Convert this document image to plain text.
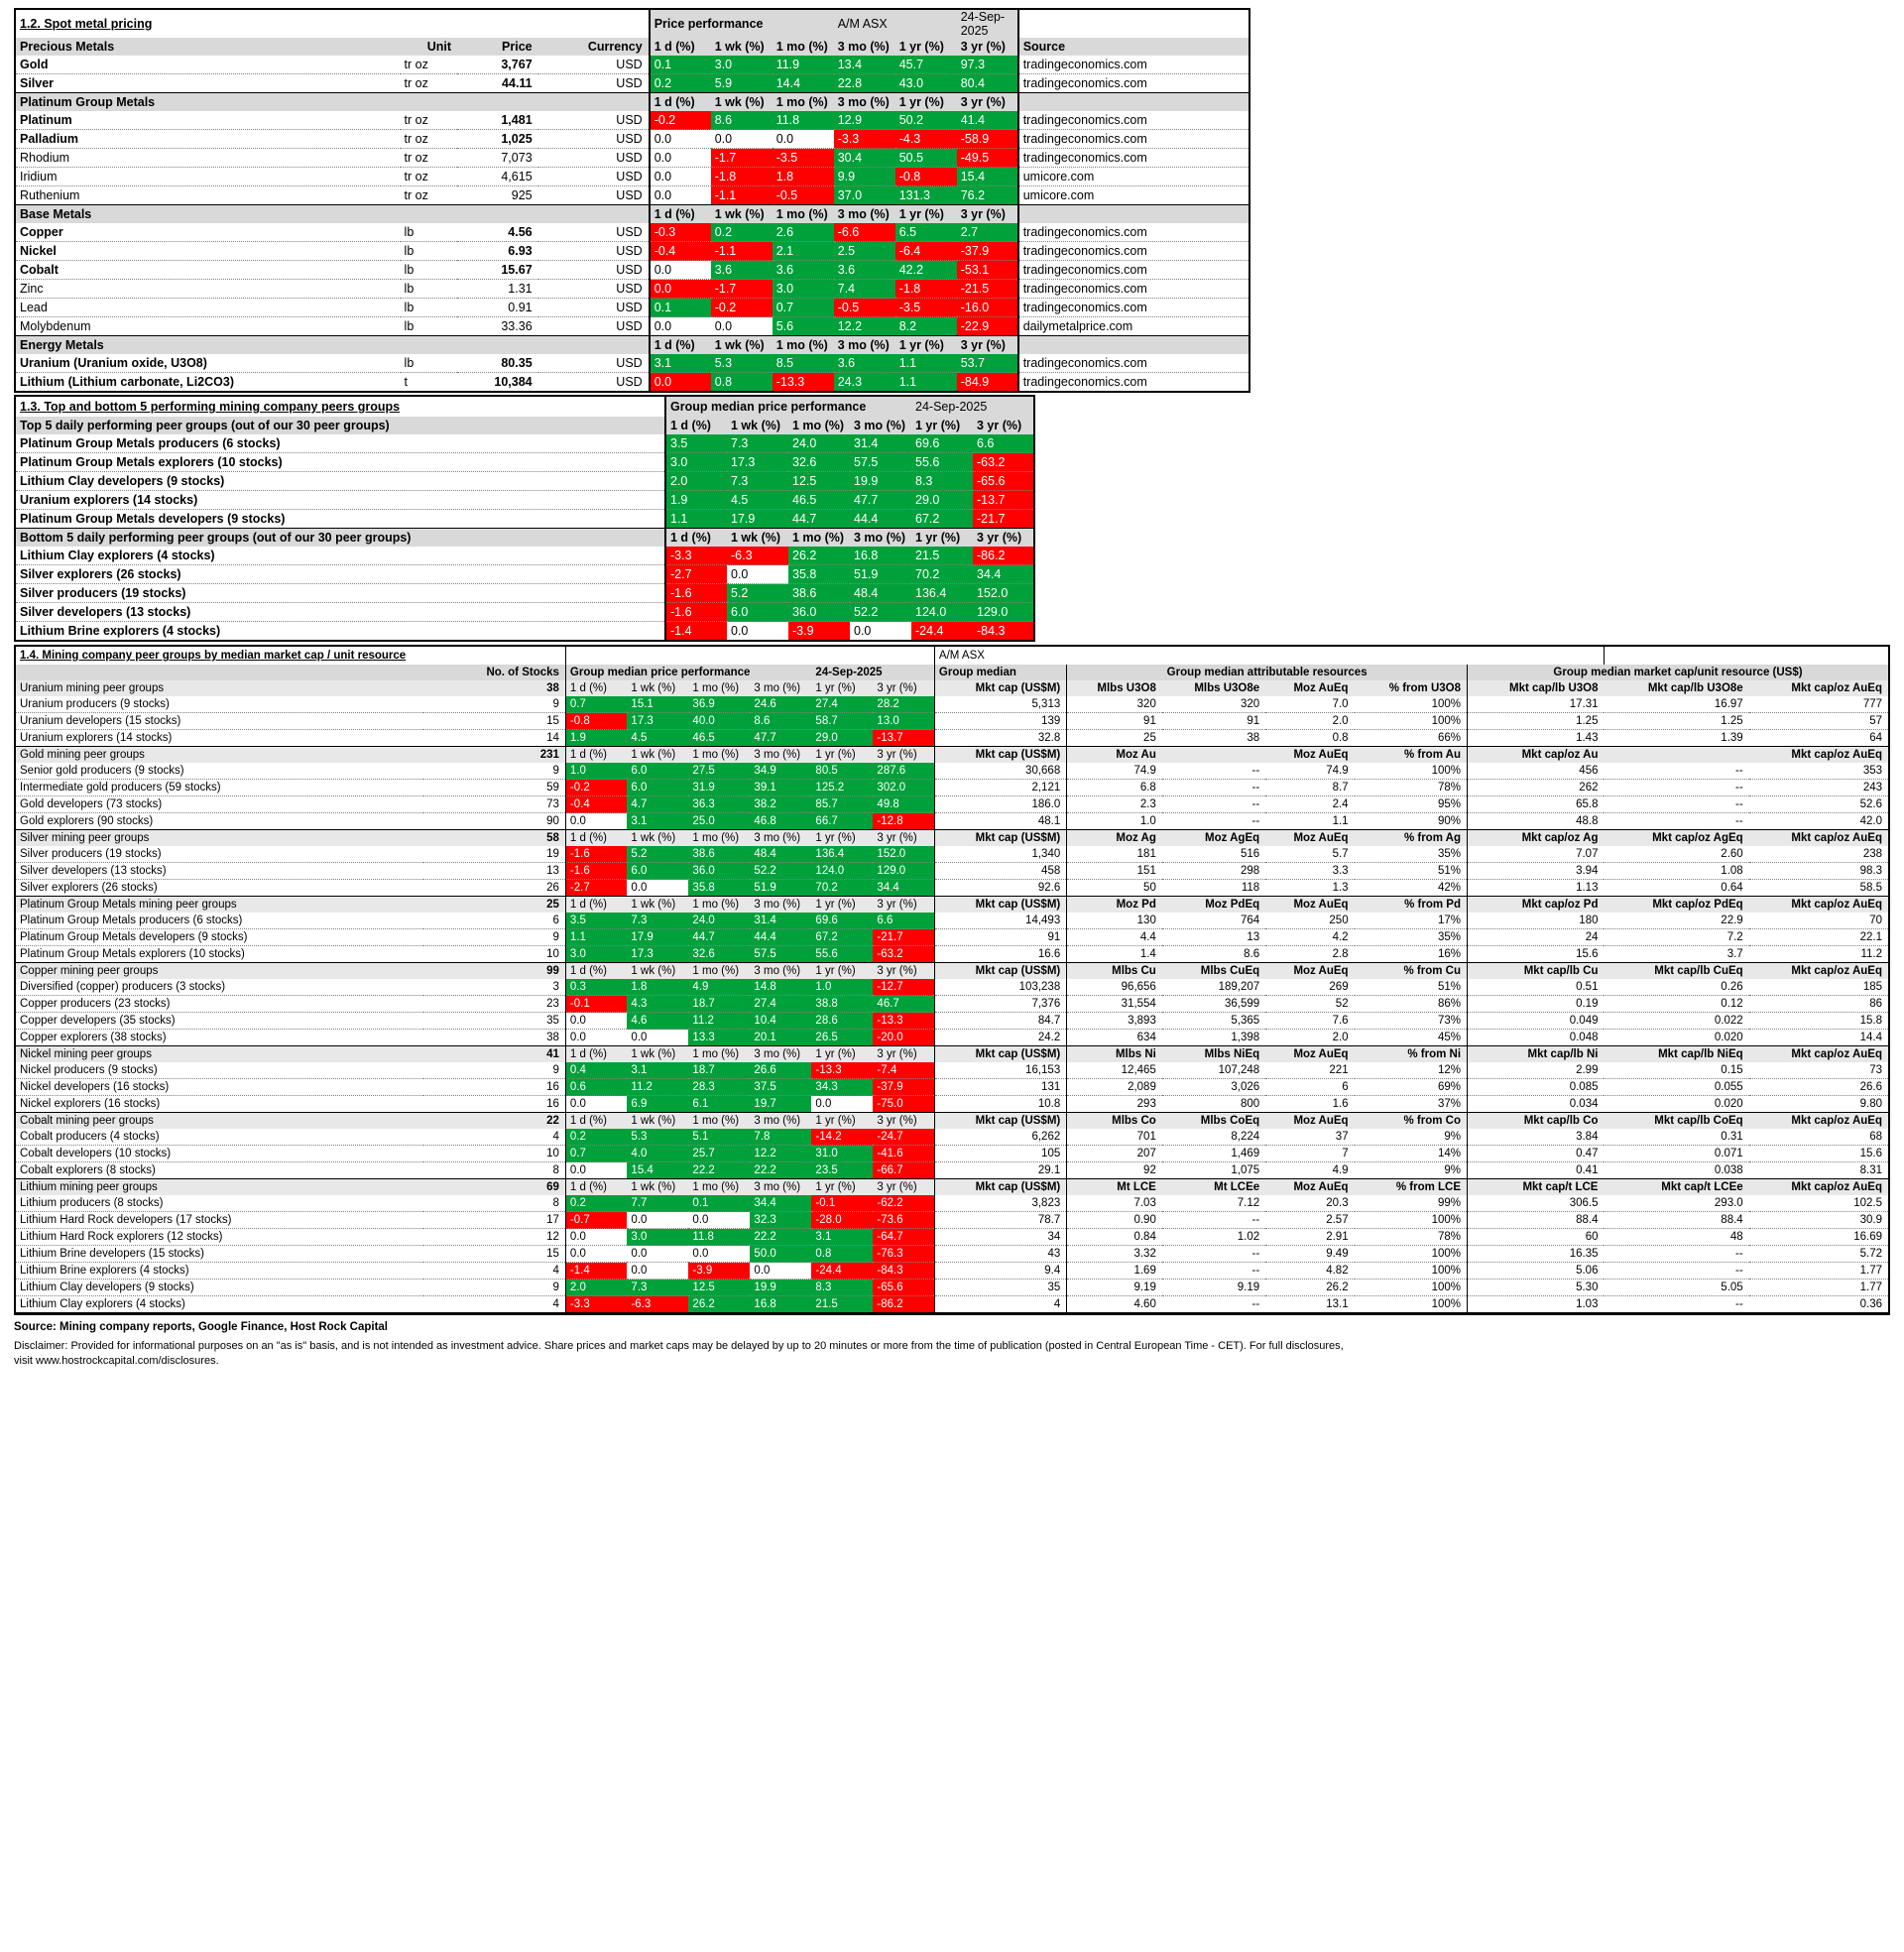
1.2. Spot metal pricing				Price performance			A/M ASX		24-Sep-2025	
Precious Metals	Unit	Price	Currency	1 d (%)	1 wk (%)	1 mo (%)	3 mo (%)	1 yr (%)	3 yr (%)	Source
Gold	tr oz	3,767	USD	0.1	3.0	11.9	13.4	45.7	97.3	tradingeconomics.com
Silver	tr oz	44.11	USD	0.2	5.9	14.4	22.8	43.0	80.4	tradingeconomics.com
Platinum Group Metals				1 d (%)	1 wk (%)	1 mo (%)	3 mo (%)	1 yr (%)	3 yr (%)	
Platinum	tr oz	1,481	USD	-0.2	8.6	11.8	12.9	50.2	41.4	tradingeconomics.com
Palladium	tr oz	1,025	USD	0.0	0.0	0.0	-3.3	-4.3	-58.9	tradingeconomics.com
Rhodium	tr oz	7,073	USD	0.0	-1.7	-3.5	30.4	50.5	-49.5	tradingeconomics.com
Iridium	tr oz	4,615	USD	0.0	-1.8	1.8	9.9	-0.8	15.4	umicore.com
Ruthenium	tr oz	925	USD	0.0	-1.1	-0.5	37.0	131.3	76.2	umicore.com
Base Metals				1 d (%)	1 wk (%)	1 mo (%)	3 mo (%)	1 yr (%)	3 yr (%)	
Copper	lb	4.56	USD	-0.3	0.2	2.6	-6.6	6.5	2.7	tradingeconomics.com
Nickel	lb	6.93	USD	-0.4	-1.1	2.1	2.5	-6.4	-37.9	tradingeconomics.com
Cobalt	lb	15.67	USD	0.0	3.6	3.6	3.6	42.2	-53.1	tradingeconomics.com
Zinc	lb	1.31	USD	0.0	-1.7	3.0	7.4	-1.8	-21.5	tradingeconomics.com
Lead	lb	0.91	USD	0.1	-0.2	0.7	-0.5	-3.5	-16.0	tradingeconomics.com
Molybdenum	lb	33.36	USD	0.0	0.0	5.6	12.2	8.2	-22.9	dailymetalprice.com
Energy Metals				1 d (%)	1 wk (%)	1 mo (%)	3 mo (%)	1 yr (%)	3 yr (%)	
Uranium (Uranium oxide, U3O8)	lb	80.35	USD	3.1	5.3	8.5	3.6	1.1	53.7	tradingeconomics.com
Lithium (Lithium carbonate, Li2CO3)	t	10,384	USD	0.0	0.8	-13.3	24.3	1.1	-84.9	tradingeconomics.com
1.3. Top and bottom 5 performing mining company peers groups	Group median price performance				24-Sep-2025	
Top 5 daily performing peer groups (out of our 30 peer groups)	1 d (%)	1 wk (%)	1 mo (%)	3 mo (%)	1 yr (%)	3 yr (%)
Platinum Group Metals producers (6 stocks)	3.5	7.3	24.0	31.4	69.6	6.6
Platinum Group Metals explorers (10 stocks)	3.0	17.3	32.6	57.5	55.6	-63.2
Lithium Clay developers (9 stocks)	2.0	7.3	12.5	19.9	8.3	-65.6
Uranium explorers (14 stocks)	1.9	4.5	46.5	47.7	29.0	-13.7
Platinum Group Metals developers (9 stocks)	1.1	17.9	44.7	44.4	67.2	-21.7
Bottom 5 daily performing peer groups (out of our 30 peer groups)	1 d (%)	1 wk (%)	1 mo (%)	3 mo (%)	1 yr (%)	3 yr (%)
Lithium Clay explorers (4 stocks)	-3.3	-6.3	26.2	16.8	21.5	-86.2
Silver explorers (26 stocks)	-2.7	0.0	35.8	51.9	70.2	34.4
Silver producers (19 stocks)	-1.6	5.2	38.6	48.4	136.4	152.0
Silver developers (13 stocks)	-1.6	6.0	36.0	52.2	124.0	129.0
Lithium Brine explorers (4 stocks)	-1.4	0.0	-3.9	0.0	-24.4	-84.3
1.4. Mining company peer groups by median market cap / unit resource								A/M ASX							
	No. of Stocks	Group median price performance				24-Sep-2025		Group median	Group median attributable resources				Group median market cap/unit resource (US$)		
Uranium mining peer groups	38	1 d (%)	1 wk (%)	1 mo (%)	3 mo (%)	1 yr (%)	3 yr (%)	Mkt cap (US$M)	Mlbs U3O8	Mlbs U3O8e	Moz AuEq	% from U3O8	Mkt cap/lb U3O8	Mkt cap/lb U3O8e	Mkt cap/oz AuEq
Uranium producers (9 stocks)	9	0.7	15.1	36.9	24.6	27.4	28.2	5,313	320	320	7.0	100%	17.31	16.97	777
Uranium developers (15 stocks)	15	-0.8	17.3	40.0	8.6	58.7	13.0	139	91	91	2.0	100%	1.25	1.25	57
Uranium explorers (14 stocks)	14	1.9	4.5	46.5	47.7	29.0	-13.7	32.8	25	38	0.8	66%	1.43	1.39	64
Gold mining peer groups	231	1 d (%)	1 wk (%)	1 mo (%)	3 mo (%)	1 yr (%)	3 yr (%)	Mkt cap (US$M)	Moz Au		Moz AuEq	% from Au	Mkt cap/oz Au		Mkt cap/oz AuEq
Senior gold producers (9 stocks)	9	1.0	6.0	27.5	34.9	80.5	287.6	30,668	74.9	--	74.9	100%	456	--	353
Intermediate gold producers (59 stocks)	59	-0.2	6.0	31.9	39.1	125.2	302.0	2,121	6.8	--	8.7	78%	262	--	243
Gold developers (73 stocks)	73	-0.4	4.7	36.3	38.2	85.7	49.8	186.0	2.3	--	2.4	95%	65.8	--	52.6
Gold explorers (90 stocks)	90	0.0	3.1	25.0	46.8	66.7	-12.8	48.1	1.0	--	1.1	90%	48.8	--	42.0
Silver mining peer groups	58	1 d (%)	1 wk (%)	1 mo (%)	3 mo (%)	1 yr (%)	3 yr (%)	Mkt cap (US$M)	Moz Ag	Moz AgEq	Moz AuEq	% from Ag	Mkt cap/oz Ag	Mkt cap/oz AgEq	Mkt cap/oz AuEq
Silver producers (19 stocks)	19	-1.6	5.2	38.6	48.4	136.4	152.0	1,340	181	516	5.7	35%	7.07	2.60	238
Silver developers (13 stocks)	13	-1.6	6.0	36.0	52.2	124.0	129.0	458	151	298	3.3	51%	3.94	1.08	98.3
Silver explorers (26 stocks)	26	-2.7	0.0	35.8	51.9	70.2	34.4	92.6	50	118	1.3	42%	1.13	0.64	58.5
Platinum Group Metals mining peer groups	25	1 d (%)	1 wk (%)	1 mo (%)	3 mo (%)	1 yr (%)	3 yr (%)	Mkt cap (US$M)	Moz Pd	Moz PdEq	Moz AuEq	% from Pd	Mkt cap/oz Pd	Mkt cap/oz PdEq	Mkt cap/oz AuEq
Platinum Group Metals producers (6 stocks)	6	3.5	7.3	24.0	31.4	69.6	6.6	14,493	130	764	250	17%	180	22.9	70
Platinum Group Metals developers (9 stocks)	9	1.1	17.9	44.7	44.4	67.2	-21.7	91	4.4	13	4.2	35%	24	7.2	22.1
Platinum Group Metals explorers (10 stocks)	10	3.0	17.3	32.6	57.5	55.6	-63.2	16.6	1.4	8.6	2.8	16%	15.6	3.7	11.2
Copper mining peer groups	99	1 d (%)	1 wk (%)	1 mo (%)	3 mo (%)	1 yr (%)	3 yr (%)	Mkt cap (US$M)	Mlbs Cu	Mlbs CuEq	Moz AuEq	% from Cu	Mkt cap/lb Cu	Mkt cap/lb CuEq	Mkt cap/oz AuEq
Diversified (copper) producers (3 stocks)	3	0.3	1.8	4.9	14.8	1.0	-12.7	103,238	96,656	189,207	269	51%	0.51	0.26	185
Copper producers (23 stocks)	23	-0.1	4.3	18.7	27.4	38.8	46.7	7,376	31,554	36,599	52	86%	0.19	0.12	86
Copper developers (35 stocks)	35	0.0	4.6	11.2	10.4	28.6	-13.3	84.7	3,893	5,365	7.6	73%	0.049	0.022	15.8
Copper explorers (38 stocks)	38	0.0	0.0	13.3	20.1	26.5	-20.0	24.2	634	1,398	2.0	45%	0.048	0.020	14.4
Nickel mining peer groups	41	1 d (%)	1 wk (%)	1 mo (%)	3 mo (%)	1 yr (%)	3 yr (%)	Mkt cap (US$M)	Mlbs Ni	Mlbs NiEq	Moz AuEq	% from Ni	Mkt cap/lb Ni	Mkt cap/lb NiEq	Mkt cap/oz AuEq
Nickel producers (9 stocks)	9	0.4	3.1	18.7	26.6	-13.3	-7.4	16,153	12,465	107,248	221	12%	2.99	0.15	73
Nickel developers (16 stocks)	16	0.6	11.2	28.3	37.5	34.3	-37.9	131	2,089	3,026	6	69%	0.085	0.055	26.6
Nickel explorers (16 stocks)	16	0.0	6.9	6.1	19.7	0.0	-75.0	10.8	293	800	1.6	37%	0.034	0.020	9.80
Cobalt mining peer groups	22	1 d (%)	1 wk (%)	1 mo (%)	3 mo (%)	1 yr (%)	3 yr (%)	Mkt cap (US$M)	Mlbs Co	Mlbs CoEq	Moz AuEq	% from Co	Mkt cap/lb Co	Mkt cap/lb CoEq	Mkt cap/oz AuEq
Cobalt producers (4 stocks)	4	0.2	5.3	5.1	7.8	-14.2	-24.7	6,262	701	8,224	37	9%	3.84	0.31	68
Cobalt developers (10 stocks)	10	0.7	4.0	25.7	12.2	31.0	-41.6	105	207	1,469	7	14%	0.47	0.071	15.6
Cobalt explorers (8 stocks)	8	0.0	15.4	22.2	22.2	23.5	-66.7	29.1	92	1,075	4.9	9%	0.41	0.038	8.31
Lithium mining peer groups	69	1 d (%)	1 wk (%)	1 mo (%)	3 mo (%)	1 yr (%)	3 yr (%)	Mkt cap (US$M)	Mt LCE	Mt LCEe	Moz AuEq	% from LCE	Mkt cap/t LCE	Mkt cap/t LCEe	Mkt cap/oz AuEq
Lithium producers (8 stocks)	8	0.2	7.7	0.1	34.4	-0.1	-62.2	3,823	7.03	7.12	20.3	99%	306.5	293.0	102.5
Lithium Hard Rock developers (17 stocks)	17	-0.7	0.0	0.0	32.3	-28.0	-73.6	78.7	0.90	--	2.57	100%	88.4	88.4	30.9
Lithium Hard Rock explorers (12 stocks)	12	0.0	3.0	11.8	22.2	3.1	-64.7	34	0.84	1.02	2.91	78%	60	48	16.69
Lithium Brine developers (15 stocks)	15	0.0	0.0	0.0	50.0	0.8	-76.3	43	3.32	--	9.49	100%	16.35	--	5.72
Lithium Brine explorers (4 stocks)	4	-1.4	0.0	-3.9	0.0	-24.4	-84.3	9.4	1.69	--	4.82	100%	5.06	--	1.77
Lithium Clay developers (9 stocks)	9	2.0	7.3	12.5	19.9	8.3	-65.6	35	9.19	9.19	26.2	100%	5.30	5.05	1.77
Lithium Clay explorers (4 stocks)	4	-3.3	-6.3	26.2	16.8	21.5	-86.2	4	4.60	--	13.1	100%	1.03	--	0.36
Source: Mining company reports, Google Finance, Host Rock Capital
Disclaimer: Provided for informational purposes on an "as is" basis, and is not intended as investment advice. Share prices and market caps may be delayed by up to 20 minutes or more from the time of publication (posted in Central European Time - CET). For full disclosures,
visit www.hostrockcapital.com/disclosures.
